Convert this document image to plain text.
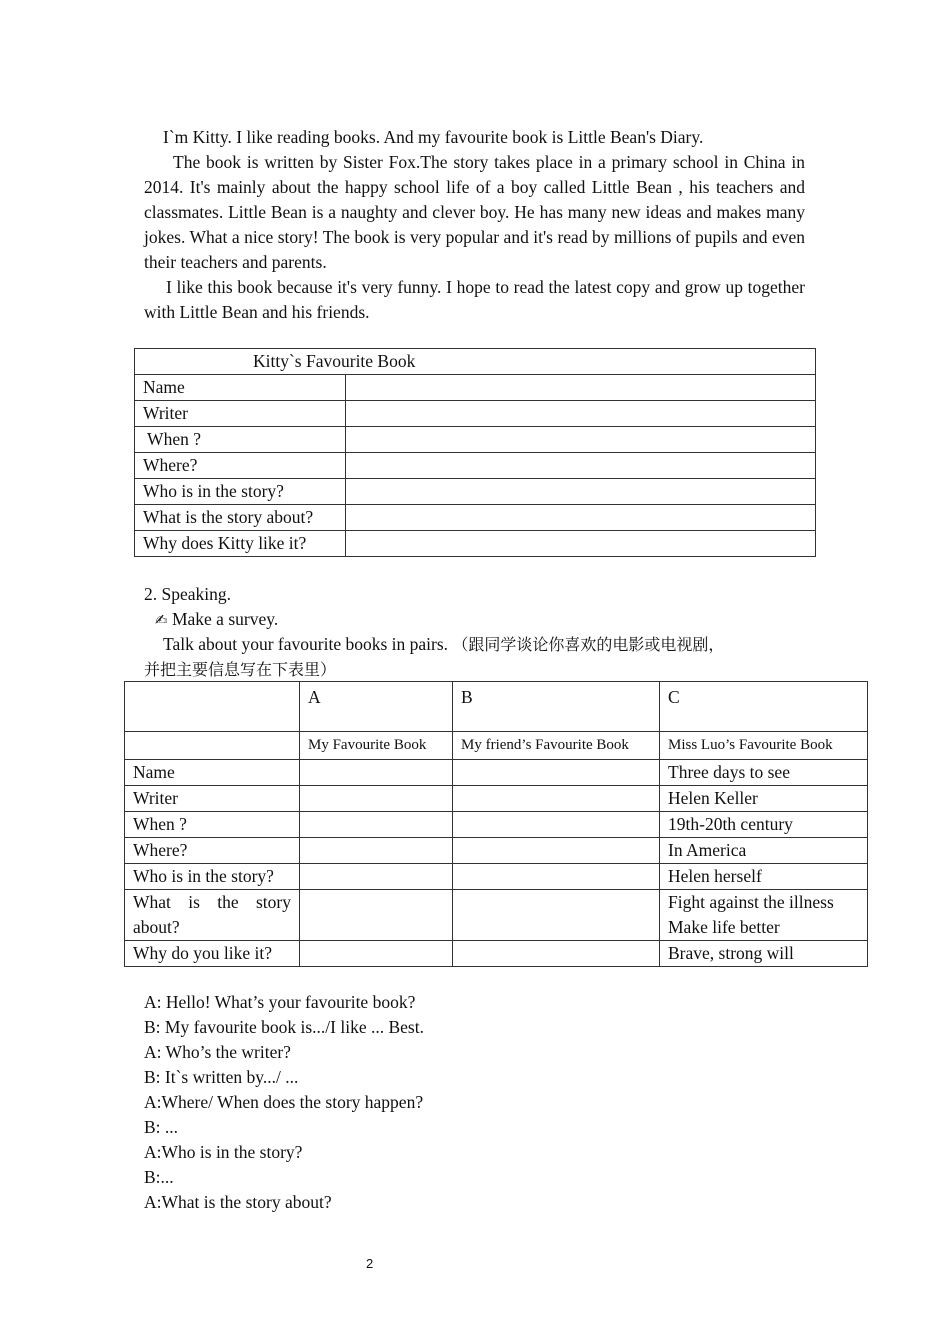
I`m Kitty. I like reading books. And my favourite book is Little Bean's Diary.

The book is written by Sister Fox.The story takes place in a primary school in China in 2014. It's mainly about the happy school life of a boy called Little Bean , his teachers and classmates. Little Bean is a naughty and clever boy. He has many new ideas and makes many jokes. What a nice story! The book is very popular and it's read by millions of pupils and even their teachers and parents.

I like this book because it's very funny. I hope to read the latest copy and grow up together with Little Bean and his friends.

Kitty`s Favourite Book	
Name	
Writer	
When ?	
Where?	
Who is in the story?	
What is the story about?	
Why does Kitty like it?	
2. Speaking.
✍ Make a survey.
Talk about your favourite books in pairs. （跟同学谈论你喜欢的电影或电视剧，
并把主要信息写在下表里）
	A	B	C
	My Favourite Book	My friend’s Favourite Book	Miss Luo’s Favourite Book
Name			Three days to see
Writer			Helen Keller
When ?			19th-20th century
Where?			In America
Who is in the story?			Helen herself
What is the story about?			Fight against the illness
Make life better

Why do you like it?			Brave, strong will
A: Hello! What’s your favourite book?
B: My favourite book is.../I like ... Best.
A: Who’s the writer?
B: It`s written by.../ ...
A:Where/ When does the story happen?
B: ...
A:Who is in the story?
B:...
A:What is the story about?
2
